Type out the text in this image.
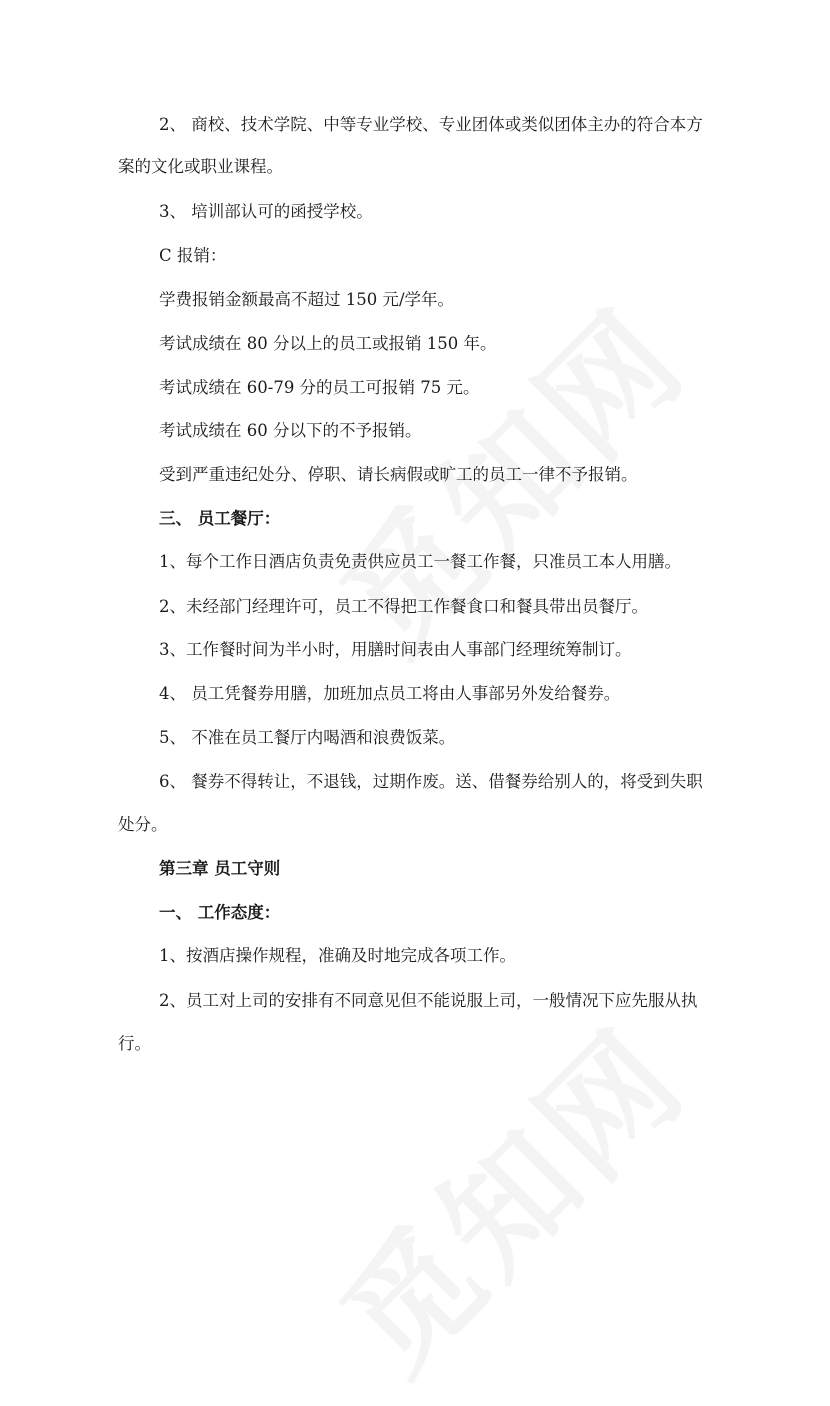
2、 商校、技术学院、中等专业学校、专业团体或类似团体主办的符合本方
案的文化或职业课程。
3、 培训部认可的函授学校。
C 报销：
学费报销金额最高不超过 150 元/学年。
考试成绩在 80 分以上的员工或报销 150 年。
考试成绩在 60-79 分的员工可报销 75 元。
考试成绩在 60 分以下的不予报销。
受到严重违纪处分、停职、请长病假或旷工的员工一律不予报销。
三、 员工餐厅：
1、每个工作日酒店负责免责供应员工一餐工作餐，只准员工本人用膳。
2、未经部门经理许可，员工不得把工作餐食口和餐具带出员餐厅。
3、工作餐时间为半小时，用膳时间表由人事部门经理统筹制订。
4、 员工凭餐券用膳，加班加点员工将由人事部另外发给餐券。
5、 不准在员工餐厅内喝酒和浪费饭菜。
6、 餐券不得转让，不退钱，过期作废。送、借餐券给别人的，将受到失职
处分。
第三章 员工守则
一、 工作态度：
1、按酒店操作规程，准确及时地完成各项工作。
2、员工对上司的安排有不同意见但不能说服上司，一般情况下应先服从执
行。
